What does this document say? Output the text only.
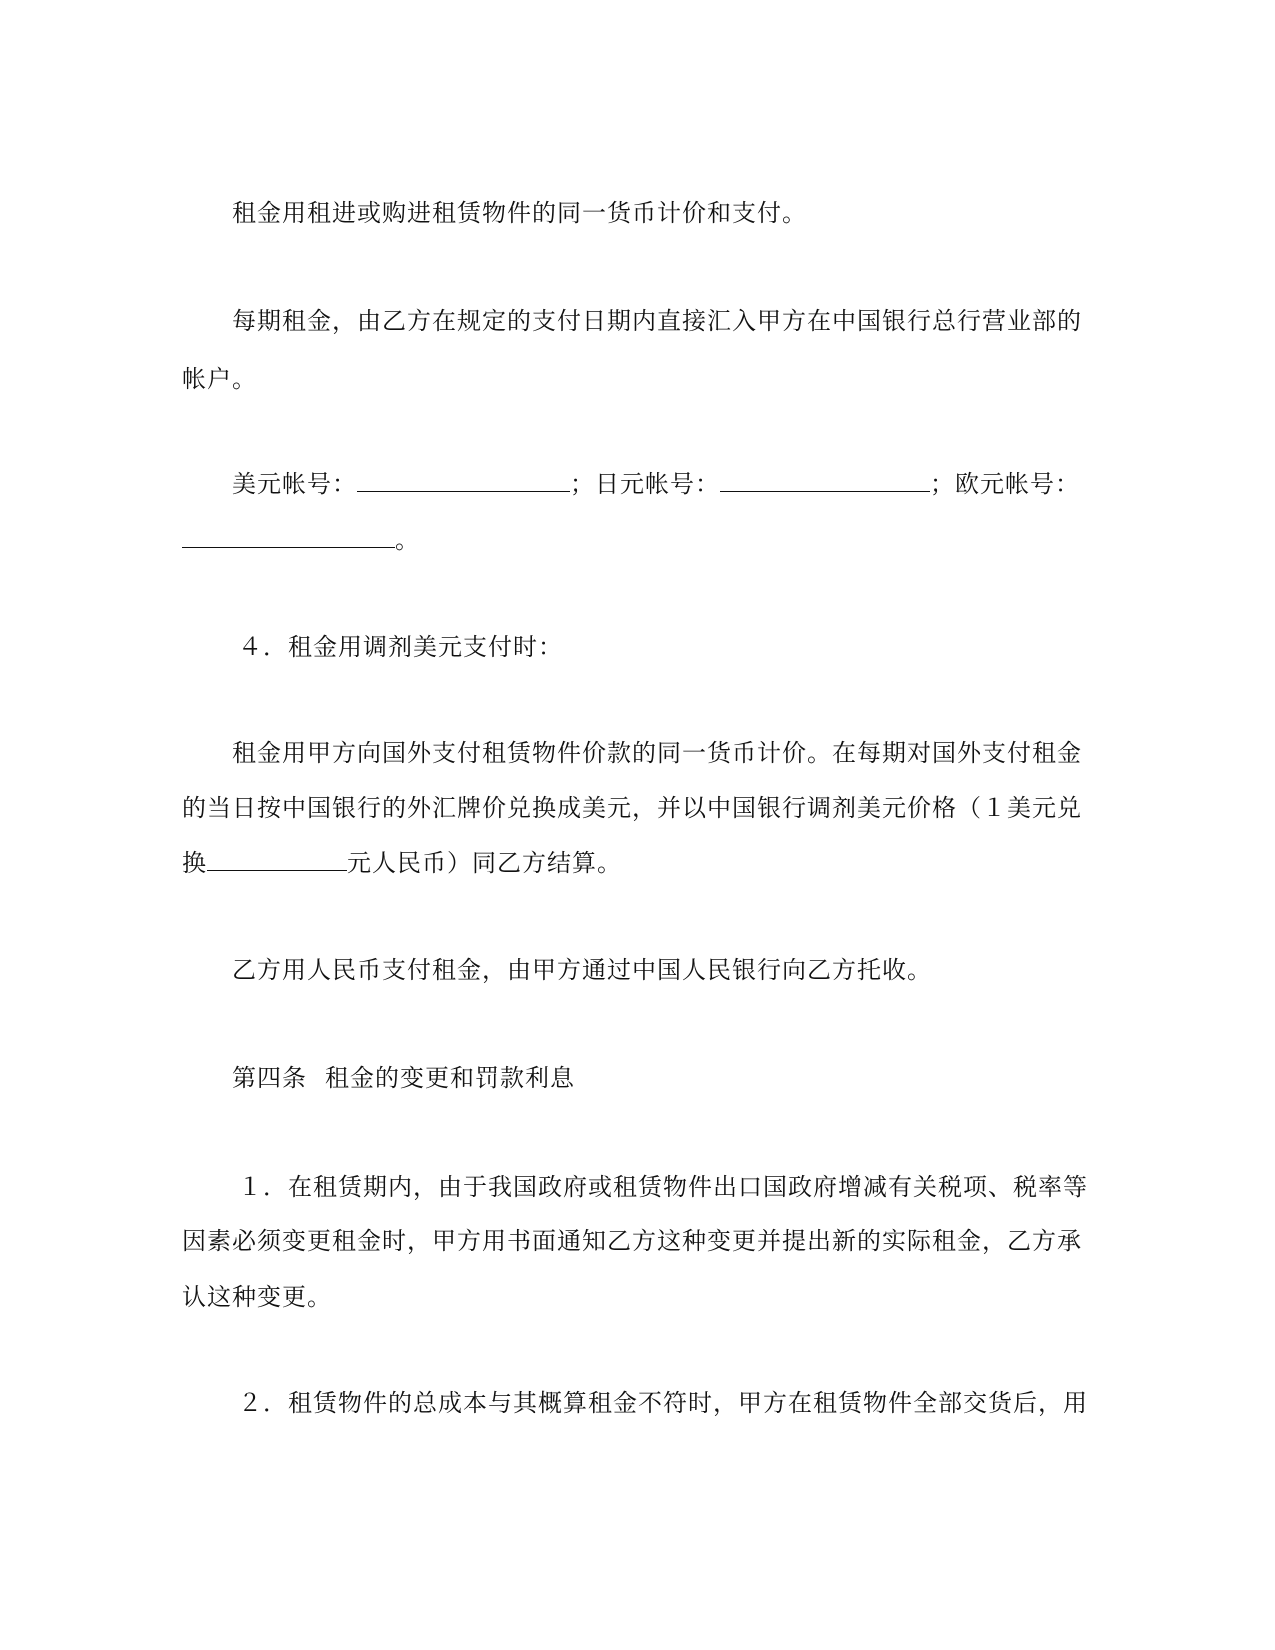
租金用租进或购进租赁物件的同一货币计价和支付。
每期租金，由乙方在规定的支付日期内直接汇入甲方在中国银行总行营业部的
帐户。
美元帐号：	；日元帐号：	；欧元帐号：
。
４．租金用调剂美元支付时：
租金用甲方向国外支付租赁物件价款的同一货币计价。在每期对国外支付租金
的当日按中国银行的外汇牌价兑换成美元，并以中国银行调剂美元价格（１美元兑
换	元人民币）同乙方结算。
乙方用人民币支付租金，由甲方通过中国人民银行向乙方托收。
第四条 租金的变更和罚款利息
１．在租赁期内，由于我国政府或租赁物件出口国政府增减有关税项、税率等
因素必须变更租金时，甲方用书面通知乙方这种变更并提出新的实际租金，乙方承
认这种变更。
２．租赁物件的总成本与其概算租金不符时，甲方在租赁物件全部交货后，用
